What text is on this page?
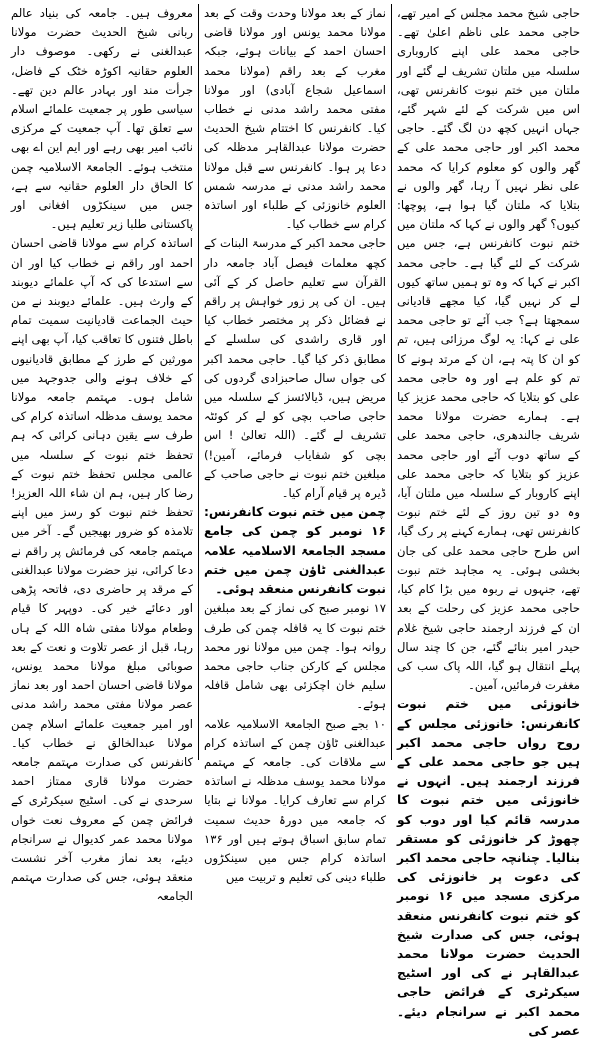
حاجی شیخ محمد مجلس کے امیر تھے، حاجی محمد علی ناظم اعلیٰ تھے۔ حاجی محمد علی اپنے کاروباری سلسلہ میں ملتان تشریف لے گئے اور ملتان میں ختم نبوت کانفرنس تھی، اس میں شرکت کے لئے شہر گئے، جہاں انہیں کچھ دن لگ گئے۔ حاجی محمد اکبر اور حاجی محمد علی کے گھر والوں کو معلوم کرایا کہ محمد علی نظر نہیں آ رہا، گھر والوں نے بتلایا کہ ملتان گیا ہوا ہے، پوچھا: کیوں؟ گھر والوں نے کہا کہ ملتان میں ختم نبوت کانفرنس ہے، جس میں شرکت کے لئے گیا ہے۔ حاجی محمد اکبر نے کہا کہ وہ تو ہمیں ساتھ کیوں لے کر نہیں گیا، کیا مجھے قادیانی سمجھتا ہے؟ جب آئے تو حاجی محمد علی نے کہا: یہ لوگ مرزائی ہیں، تم کو ان کا پتہ ہے، ان کے مرتد ہونے کا تم کو علم ہے اور وہ حاجی محمد علی کو بتلایا کہ حاجی محمد عزیز کیا ہے۔ ہمارے حضرت مولانا محمد شریف جالندھری، حاجی محمد علی کے ساتھ دوب آئے اور حاجی محمد عزیز کو بتلایا کہ حاجی محمد علی اپنے کاروبار کے سلسلہ میں ملتان آیا، وہ دو تین روز کے لئے ختم نبوت کانفرنس تھی، ہمارے کہنے پر رک گیا، اس طرح حاجی محمد علی کی جان بخشی ہوئی۔ یہ مجاہد ختم نبوت تھے، جنہوں نے ربوہ میں بڑا کام کیا، حاجی محمد عزیز کی رحلت کے بعد ان کے فرزند ارجمند حاجی شیخ غلام حیدر امیر بنائے گئے، جن کا چند سال پہلے انتقال ہو گیا، اللہ پاک سب کی مغفرت فرمائیں، آمین۔

خانوزئی میں ختم نبوت کانفرنس: خانوزئی مجلس کے روح رواں حاجی محمد اکبر ہیں جو حاجی محمد علی کے فرزند ارجمند ہیں۔ انہوں نے خانوزئی میں ختم نبوت کا مدرسہ قائم کیا اور دوب کو چھوڑ کر خانوزئی کو مستقر بنالیا۔ چنانچہ حاجی محمد اکبر کی دعوت پر خانوزئی کی مرکزی مسجد میں ۱۶ نومبر کو ختم نبوت کانفرنس منعقد ہوئی، جس کی صدارت شیخ الحدیث حضرت مولانا محمد عبدالقاہر نے کی اور اسٹیج سیکرٹری کے فرائض حاجی محمد اکبر نے سرانجام دیئے۔ عصر کی

نماز کے بعد مولانا وحدت وقت کے بعد مولانا محمد یونس اور مولانا قاضی احسان احمد کے بیانات ہوئے، جبکہ مغرب کے بعد راقم (مولانا محمد اسماعیل شجاع آبادی) اور مولانا مفتی محمد راشد مدنی نے خطاب کیا۔ کانفرنس کا اختتام شیخ الحدیث حضرت مولانا عبدالقاہر مدظلہ کی دعا پر ہوا۔ کانفرنس سے قبل مولانا محمد راشد مدنی نے مدرسہ شمس العلوم خانوزئی کے طلباء اور اساتذہ کرام سے خطاب کیا۔

حاجی محمد اکبر کے مدرسۃ البنات کے کچھ معلمات فیصل آباد جامعہ دار القرآن سے تعلیم حاصل کر کے آئی ہیں۔ ان کی پر زور خواہش پر راقم نے فضائل ذکر پر مختصر خطاب کیا اور قاری راشدی کی سلسلے کے مطابق ذکر کیا گیا۔ حاجی محمد اکبر کی جواں سال صاحبزادی گردوں کی مریض ہیں، ڈیالائسز کے سلسلہ میں حاجی صاحب بچی کو لے کر کوئٹہ تشریف لے گئے۔ (اللہ تعالیٰ ! اس بچی کو شفایاب فرمائے، آمین!) مبلغین ختم نبوت نے حاجی صاحب کے ڈیرہ پر قیام آرام کیا۔

چمن میں ختم نبوت کانفرنس: ۱۶ نومبر کو چمن کی جامع مسجد الجامعۃ الاسلامیہ علامہ عبدالغنی ٹاؤن چمن میں ختم نبوت کانفرنس منعقد ہوئی۔

۱۷ نومبر صبح کی نماز کے بعد مبلغین ختم نبوت کا یہ قافلہ چمن کی طرف روانہ ہوا۔ چمن میں مولانا نور محمد مجلس کے کارکن جناب حاجی محمد سلیم خان اچکزئی بھی شامل قافلہ ہوئے۔

۱۰ بجے صبح الجامعۃ الاسلامیہ علامہ عبدالغنی ٹاؤن چمن کے اساتذہ کرام سے ملاقات کی۔ جامعہ کے مہتمم مولانا محمد یوسف مدظلہ نے اساتذہ کرام سے تعارف کرایا۔ مولانا نے بتایا کہ جامعہ میں دورۂ حدیث سمیت تمام سابق اسباق ہوتے ہیں اور ۱۳۶ اساتذہ کرام جس میں سینکڑوں طلباء دینی کی تعلیم و تربیت میں

معروف ہیں۔ جامعہ کی بنیاد عالم ربانی شیخ الحدیث حضرت مولانا عبدالغنی نے رکھی۔ موصوف دار العلوم حقانیہ اکوڑہ خٹک کے فاضل، جرأت مند اور بہادر عالم دین تھے۔ سیاسی طور پر جمعیت علمائے اسلام سے تعلق تھا۔ آپ جمعیت کے مرکزی نائب امیر بھی رہے اور ایم این اے بھی منتخب ہوئے۔ الجامعۃ الاسلامیہ چمن کا الحاق دار العلوم حقانیہ سے ہے، جس میں سینکڑوں افغانی اور پاکستانی طلبا زیر تعلیم ہیں۔

اساتذہ کرام سے مولانا قاضی احسان احمد اور راقم نے خطاب کیا اور ان سے استدعا کی کہ آپ علمائے دیوبند کے وارث ہیں۔ علمائے دیوبند نے من حیث الجماعت قادیانیت سمیت تمام باطل فتنوں کا تعاقب کیا، آپ بھی اپنے مورثین کے طرز کے مطابق قادیانیوں کے خلاف ہونے والی جدوجہد میں شامل ہوں۔ مہتمم جامعہ مولانا محمد یوسف مدظلہ اساتذہ کرام کی طرف سے یقین دہانی کرائی کہ ہم تحفظ ختم نبوت کے سلسلہ میں عالمی مجلس تحفظ ختم نبوت کے رضا کار ہیں، ہم ان شاء اللہ العزیز! تحفظ ختم نبوت کو رسز میں اپنے تلامذہ کو ضرور بھیجیں گے۔ آخر میں مہتمم جامعہ کی فرمائش پر راقم نے دعا کرائی، نیز حضرت مولانا عبدالغنی کے مرقد پر حاضری دی، فاتحہ پڑھی اور دعائے خیر کی۔ دوپہر کا قیام وطعام مولانا مفتی شاہ اللہ کے ہاں رہا، قبل از عصر تلاوت و نعت کے بعد صوبائی مبلغ مولانا محمد یونس، مولانا قاضی احسان احمد اور بعد نماز عصر مولانا مفتی محمد راشد مدنی اور امیر جمعیت علمائے اسلام چمن مولانا عبدالخالق نے خطاب کیا۔ کانفرنس کی صدارت مہتمم جامعہ حضرت مولانا قاری ممتاز احمد سرحدی نے کی۔ اسٹیج سیکرٹری کے فرائض چمن کے معروف نعت خواں مولانا محمد عمر کدیوال نے سرانجام دیئے، بعد نماز مغرب آخر نشست منعقد ہوئی، جس کی صدارت مہتمم الجامعہ
